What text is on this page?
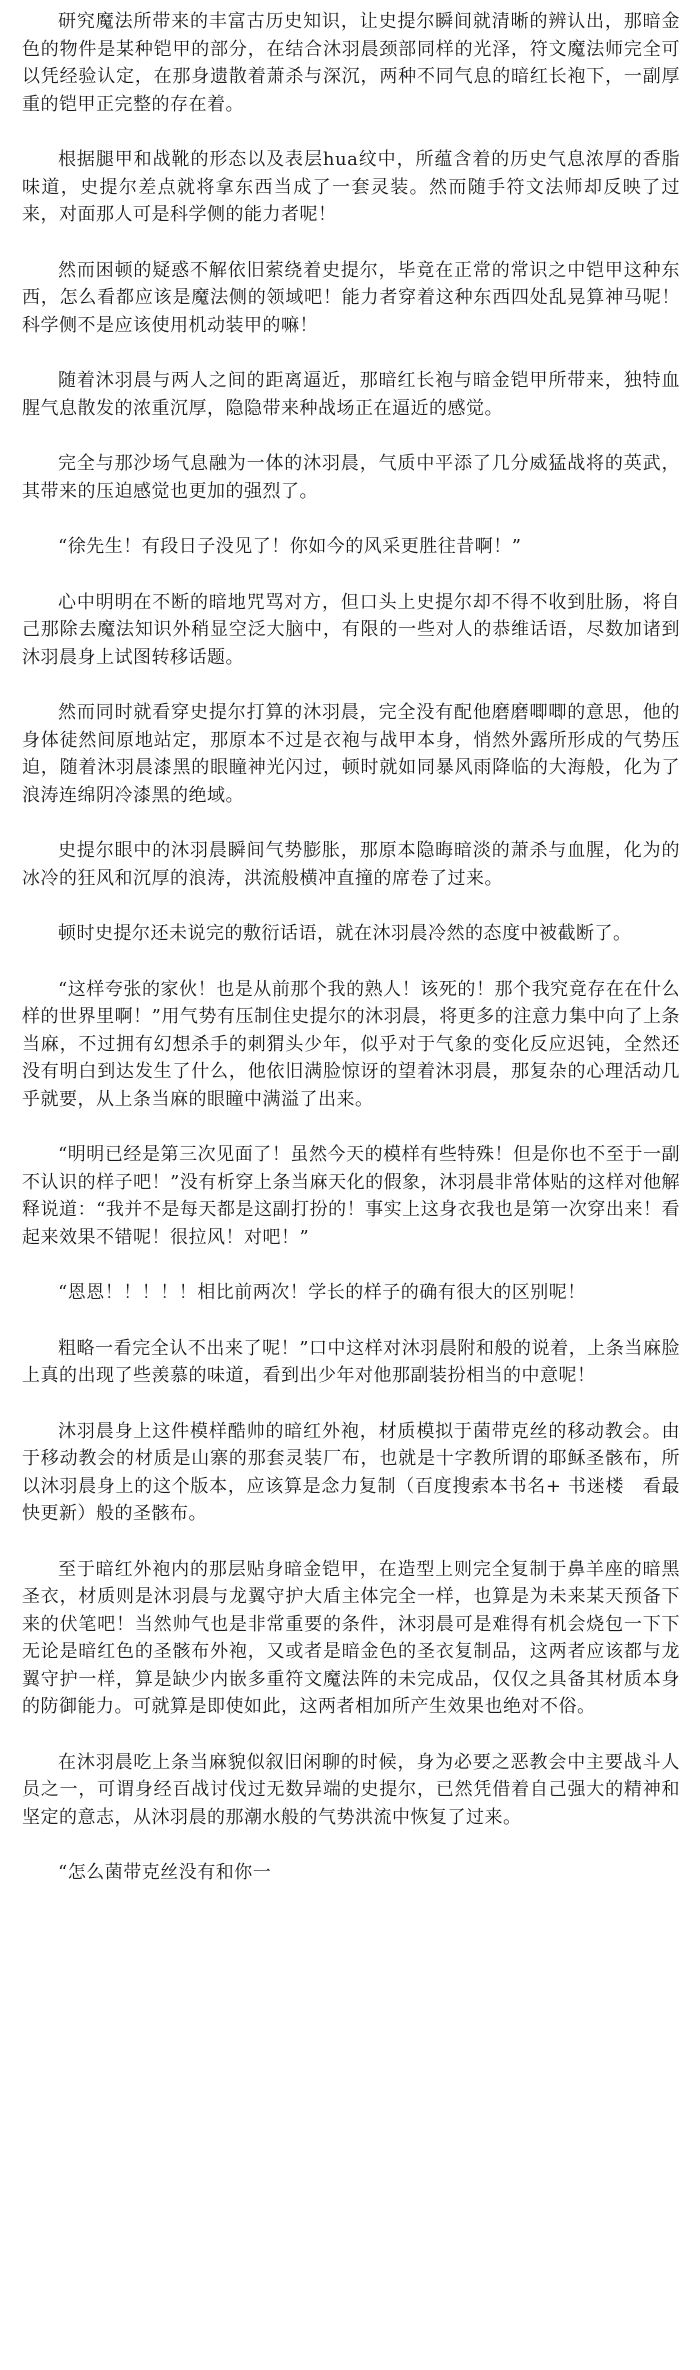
研究魔法所带来的丰富古历史知识，让史提尔瞬间就清晰的辨认出，那暗金色的物件是某种铠甲的部分，在结合沐羽晨颈部同样的光泽，符文魔法师完全可以凭经验认定，在那身遗散着萧杀与深沉，两种不同气息的暗红长袍下，一副厚重的铠甲正完整的存在着。

根据腿甲和战靴的形态以及表层hua纹中，所蕴含着的历史气息浓厚的香脂味道，史提尔差点就将拿东西当成了一套灵装。然而随手符文法师却反映了过来，对面那人可是科学侧的能力者呢！

然而困顿的疑惑不解依旧萦绕着史提尔，毕竟在正常的常识之中铠甲这种东西，怎么看都应该是魔法侧的领域吧！能力者穿着这种东西四处乱晃算神马呢！科学侧不是应该使用机动装甲的嘛！

随着沐羽晨与两人之间的距离逼近，那暗红长袍与暗金铠甲所带来，独特血腥气息散发的浓重沉厚，隐隐带来种战场正在逼近的感觉。

完全与那沙场气息融为一体的沐羽晨，气质中平添了几分威猛战将的英武，其带来的压迫感觉也更加的强烈了。

“徐先生！有段日子没见了！你如今的风采更胜往昔啊！”

心中明明在不断的暗地咒骂对方，但口头上史提尔却不得不收到肚肠，将自己那除去魔法知识外稍显空泛大脑中，有限的一些对人的恭维话语，尽数加诸到沐羽晨身上试图转移话题。

然而同时就看穿史提尔打算的沐羽晨，完全没有配他磨磨唧唧的意思，他的身体徒然间原地站定，那原本不过是衣袍与战甲本身，悄然外露所形成的气势压迫，随着沐羽晨漆黑的眼瞳神光闪过，顿时就如同暴风雨降临的大海般，化为了浪涛连绵阴冷漆黑的绝域。

史提尔眼中的沐羽晨瞬间气势膨胀，那原本隐晦暗淡的萧杀与血腥，化为的冰冷的狂风和沉厚的浪涛，洪流般横冲直撞的席卷了过来。

顿时史提尔还未说完的敷衍话语，就在沐羽晨冷然的态度中被截断了。

“这样夸张的家伙！也是从前那个我的熟人！该死的！那个我究竟存在在什么样的世界里啊！”用气势有压制住史提尔的沐羽晨，将更多的注意力集中向了上条当麻，不过拥有幻想杀手的刺猬头少年，似乎对于气象的变化反应迟钝，全然还没有明白到达发生了什么，他依旧满脸惊讶的望着沐羽晨，那复杂的心理活动几乎就要，从上条当麻的眼瞳中满溢了出来。

“明明已经是第三次见面了！虽然今天的模样有些特殊！但是你也不至于一副不认识的样子吧！”没有析穿上条当麻天化的假象，沐羽晨非常体贴的这样对他解释说道：“我并不是每天都是这副打扮的！事实上这身衣我也是第一次穿出来！看起来效果不错呢！很拉风！对吧！”

“恩恩！！！！！相比前两次！学长的样子的确有很大的区别呢！

粗略一看完全认不出来了呢！”口中这样对沐羽晨附和般的说着，上条当麻脸上真的出现了些羡慕的味道，看到出少年对他那副装扮相当的中意呢！

沐羽晨身上这件模样酷帅的暗红外袍，材质模拟于菌带克丝的移动教会。由于移动教会的材质是山寨的那套灵装厂布，也就是十字教所谓的耶稣圣骸布，所以沐羽晨身上的这个版本，应该算是念力复制（百度搜索本书名+ 书迷楼　看最快更新）般的圣骸布。

至于暗红外袍内的那层贴身暗金铠甲，在造型上则完全复制于鼻羊座的暗黑圣衣，材质则是沐羽晨与龙翼守护大盾主体完全一样，也算是为未来某天预备下来的伏笔吧！当然帅气也是非常重要的条件，沐羽晨可是难得有机会烧包一下下无论是暗红色的圣骸布外袍，又或者是暗金色的圣衣复制品，这两者应该都与龙翼守护一样，算是缺少内嵌多重符文魔法阵的未完成品，仅仅之具备其材质本身的防御能力。可就算是即使如此，这两者相加所产生效果也绝对不俗。

在沐羽晨吃上条当麻貌似叙旧闲聊的时候，身为必要之恶教会中主要战斗人员之一，可谓身经百战讨伐过无数异端的史提尔，已然凭借着自己强大的精神和坚定的意志，从沐羽晨的那潮水般的气势洪流中恢复了过来。

“怎么菌带克丝没有和你一
